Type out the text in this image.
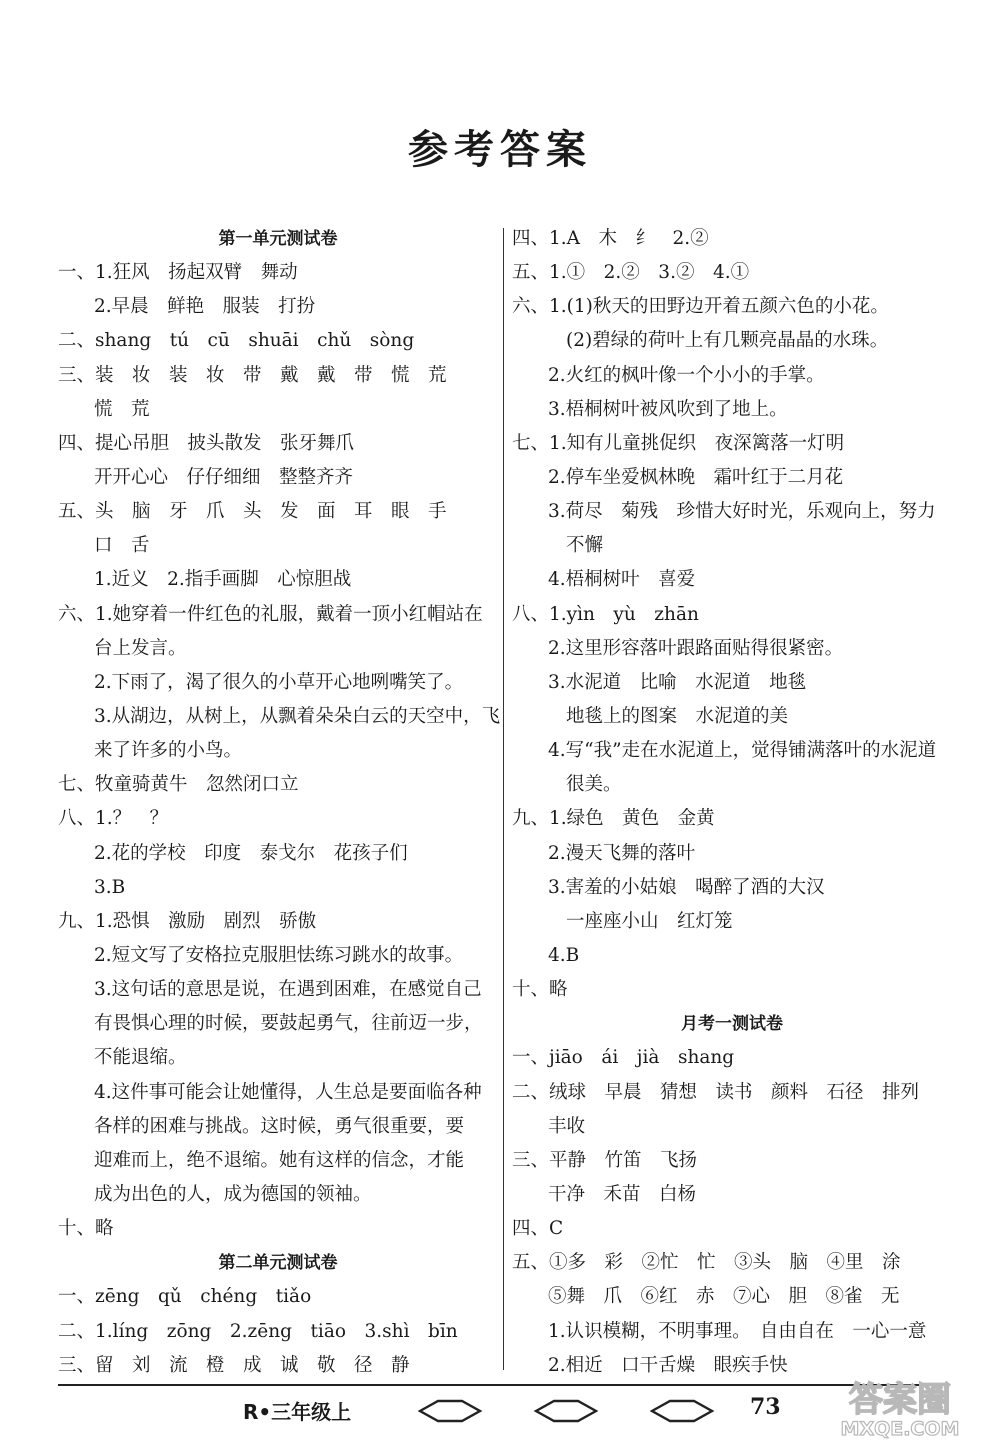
参考答案
第一单元测试卷
一、1.狂风　扬起双臂　舞动
2.早晨　鲜艳　服装　打扮
二、shang　tú　cū　shuāi　chǔ　sòng
三、装　妆　装　妆　带　戴　戴　带　慌　荒
慌　荒
四、提心吊胆　披头散发　张牙舞爪
开开心心　仔仔细细　整整齐齐
五、头　脑　牙　爪　头　发　面　耳　眼　手
口　舌
1.近义　2.指手画脚　心惊胆战
六、1.她穿着一件红色的礼服，戴着一顶小红帽站在
台上发言。
2.下雨了，渴了很久的小草开心地咧嘴笑了。
3.从湖边，从树上，从飘着朵朵白云的天空中，飞
来了许多的小鸟。
七、牧童骑黄牛　忽然闭口立
八、1.？　？
2.花的学校　印度　泰戈尔　花孩子们
3.B
九、1.恐惧　激励　剧烈　骄傲
2.短文写了安格拉克服胆怯练习跳水的故事。
3.这句话的意思是说，在遇到困难，在感觉自己
有畏惧心理的时候，要鼓起勇气，往前迈一步，
不能退缩。
4.这件事可能会让她懂得，人生总是要面临各种
各样的困难与挑战。这时候，勇气很重要，要
迎难而上，绝不退缩。她有这样的信念，才能
成为出色的人，成为德国的领袖。
十、略
第二单元测试卷
一、zēng　qǔ　chéng　tiǎo
二、1.líng　zōng　2.zēng　tiāo　3.shì　bīn
三、留　刘　流　橙　成　诚　敬　径　静
四、1.A　木　纟　2.②
五、1.①　2.②　3.②　4.①
六、1.(1)秋天的田野边开着五颜六色的小花。
(2)碧绿的荷叶上有几颗亮晶晶的水珠。
2.火红的枫叶像一个小小的手掌。
3.梧桐树叶被风吹到了地上。
七、1.知有儿童挑促织　夜深篱落一灯明
2.停车坐爱枫林晚　霜叶红于二月花
3.荷尽　菊残　珍惜大好时光，乐观向上，努力
不懈
4.梧桐树叶　喜爱
八、1.yìn　yù　zhān
2.这里形容落叶跟路面贴得很紧密。
3.水泥道　比喻　水泥道　地毯
地毯上的图案　水泥道的美
4.写“我”走在水泥道上，觉得铺满落叶的水泥道
很美。
九、1.绿色　黄色　金黄
2.漫天飞舞的落叶
3.害羞的小姑娘　喝醉了酒的大汉
一座座小山　红灯笼
4.B
十、略
月考一测试卷
一、jiāo　ái　jià　shang
二、绒球　早晨　猜想　读书　颜料　石径　排列
丰收
三、平静　竹笛　飞扬
干净　禾苗　白杨
四、C
五、①多　彩　②忙　忙　③头　脑　④里　涂
⑤舞　爪　⑥红　赤　⑦心　胆　⑧雀　无
1.认识模糊，不明事理。　自由自在　一心一意
2.相近　口干舌燥　眼疾手快
R•三年级上	73 答案圈
MXQE.COM
